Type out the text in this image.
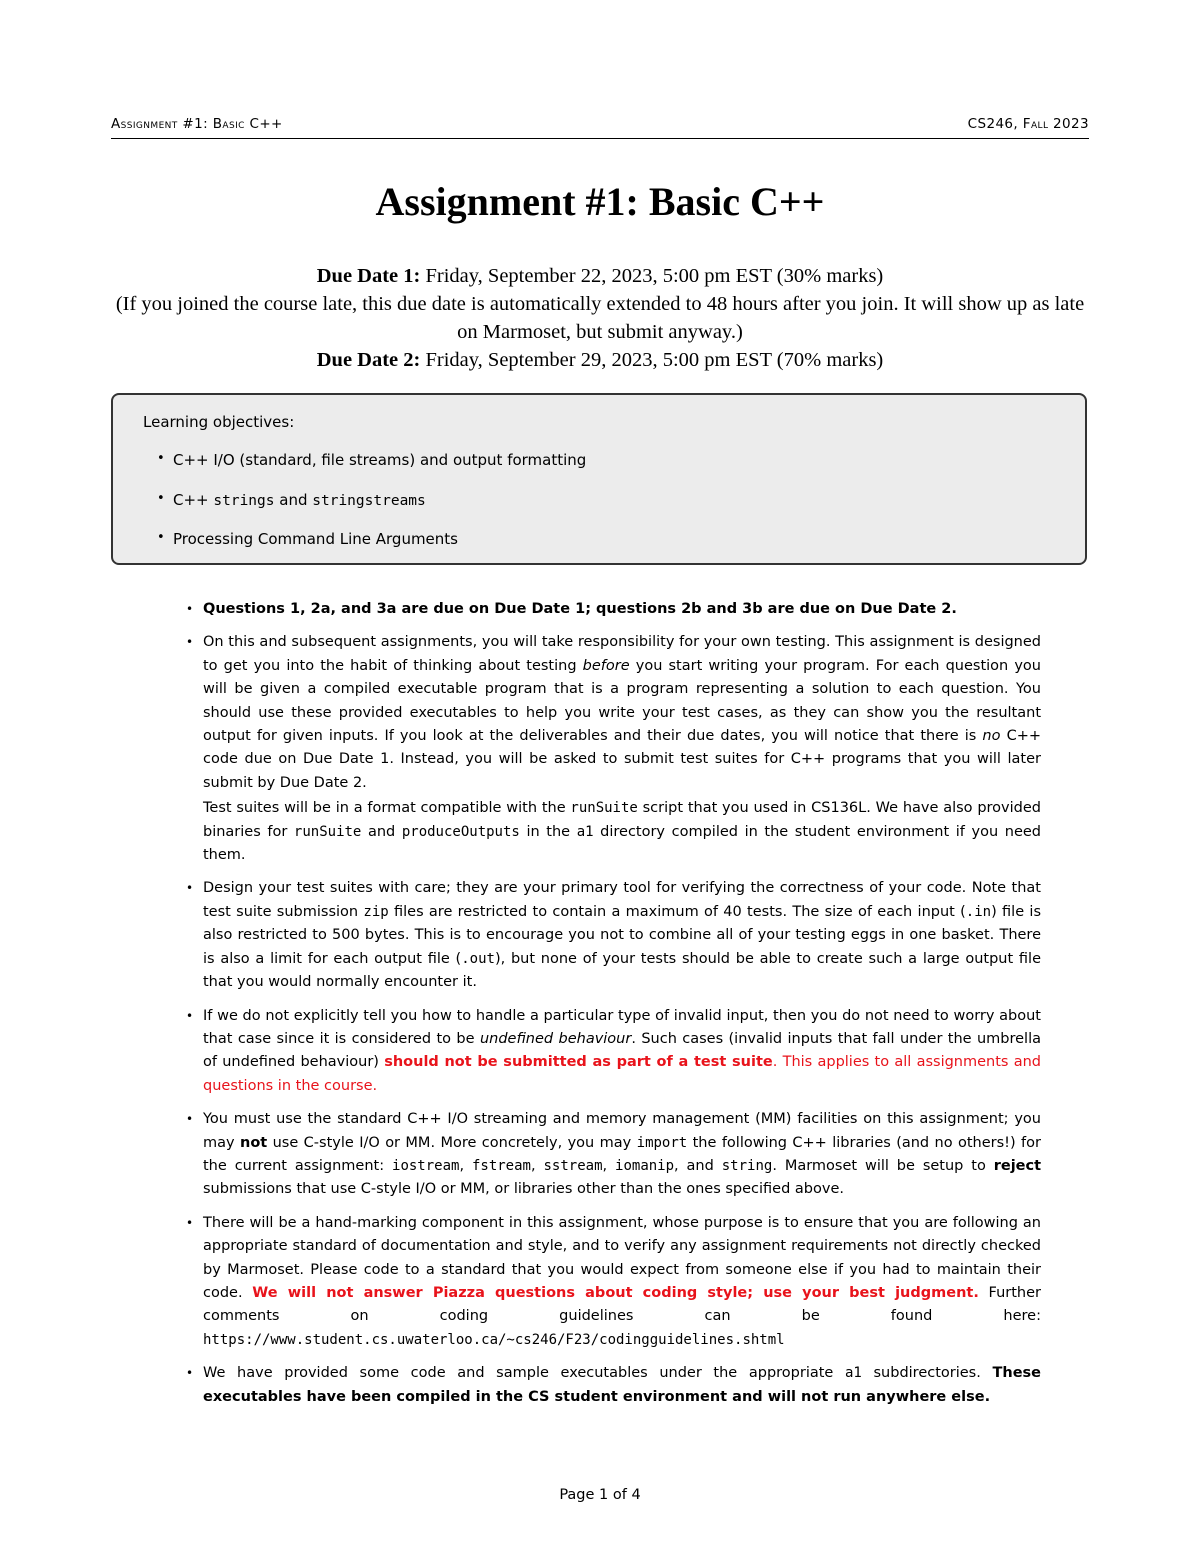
Assignment #1: Basic C++	CS246, Fall 2023
Assignment #1: Basic C++
Due Date 1: Friday, September 22, 2023, 5:00 pm EST (30% marks)
(If you joined the course late, this due date is automatically extended to 48 hours after you join. It will show up as late on Marmoset, but submit anyway.)
Due Date 2: Friday, September 29, 2023, 5:00 pm EST (70% marks)
Learning objectives:
• C++ I/O (standard, file streams) and output formatting
• C++ strings and stringstreams
• Processing Command Line Arguments
• Questions 1, 2a, and 3a are due on Due Date 1; questions 2b and 3b are due on Due Date 2.

• On this and subsequent assignments, you will take responsibility for your own testing. This assignment is designed to get you into the habit of thinking about testing before you start writing your program. For each question you will be given a compiled executable program that is a program representing a solution to each question. You should use these provided executables to help you write your test cases, as they can show you the resultant output for given inputs. If you look at the deliverables and their due dates, you will notice that there is no C++ code due on Due Date 1. Instead, you will be asked to submit test suites for C++ programs that you will later submit by Due Date 2.

Test suites will be in a format compatible with the runSuite script that you used in CS136L. We have also provided binaries for runSuite and produceOutputs in the a1 directory compiled in the student environment if you need them.

• Design your test suites with care; they are your primary tool for verifying the correctness of your code. Note that test suite submission zip files are restricted to contain a maximum of 40 tests. The size of each input (.in) file is also restricted to 500 bytes. This is to encourage you not to combine all of your testing eggs in one basket. There is also a limit for each output file (.out), but none of your tests should be able to create such a large output file that you would normally encounter it.

• If we do not explicitly tell you how to handle a particular type of invalid input, then you do not need to worry about that case since it is considered to be undefined behaviour. Such cases (invalid inputs that fall under the umbrella of undefined behaviour) should not be submitted as part of a test suite. This applies to all assignments and questions in the course.

• You must use the standard C++ I/O streaming and memory management (MM) facilities on this assignment; you may not use C-style I/O or MM. More concretely, you may import the following C++ libraries (and no others!) for the current assignment: iostream, fstream, sstream, iomanip, and string. Marmoset will be setup to reject submissions that use C-style I/O or MM, or libraries other than the ones specified above.

• There will be a hand-marking component in this assignment, whose purpose is to ensure that you are following an appropriate standard of documentation and style, and to verify any assignment requirements not directly checked by Marmoset. Please code to a standard that you would expect from someone else if you had to maintain their code. We will not answer Piazza questions about coding style; use your best judgment. Further comments on coding guidelines can be found here: https://www.student.cs.uwaterloo.ca/~cs246/F23/codingguidelines.shtml

• We have provided some code and sample executables under the appropriate a1 subdirectories. These executables have been compiled in the CS student environment and will not run anywhere else.

Page 1 of 4
